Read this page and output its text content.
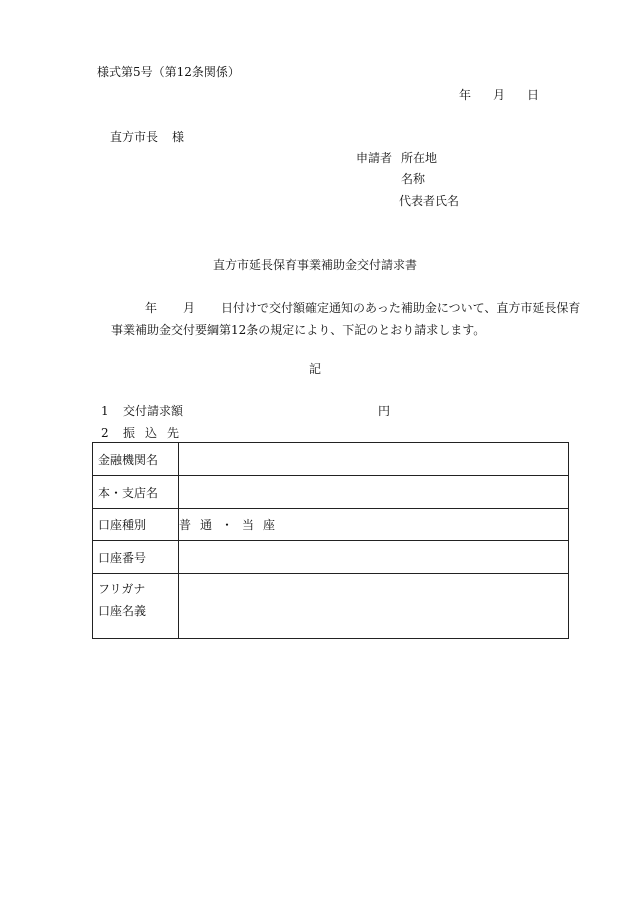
様式第5号（第12条関係）
年 月 日
直方市長 様
申請者 所在地
名称
代表者氏名
直方市延長保育事業補助金交付請求書
年 月 日付けで交付額確定通知のあった補助金について、直方市延長保育事業補助金交付要綱第12条の規定により、下記のとおり請求します。
記
1 交付請求額	円
2 振込先
金融機関名	
本・支店名	
口座種別	普通・当座
口座番号	

フリガナ
口座名義	
